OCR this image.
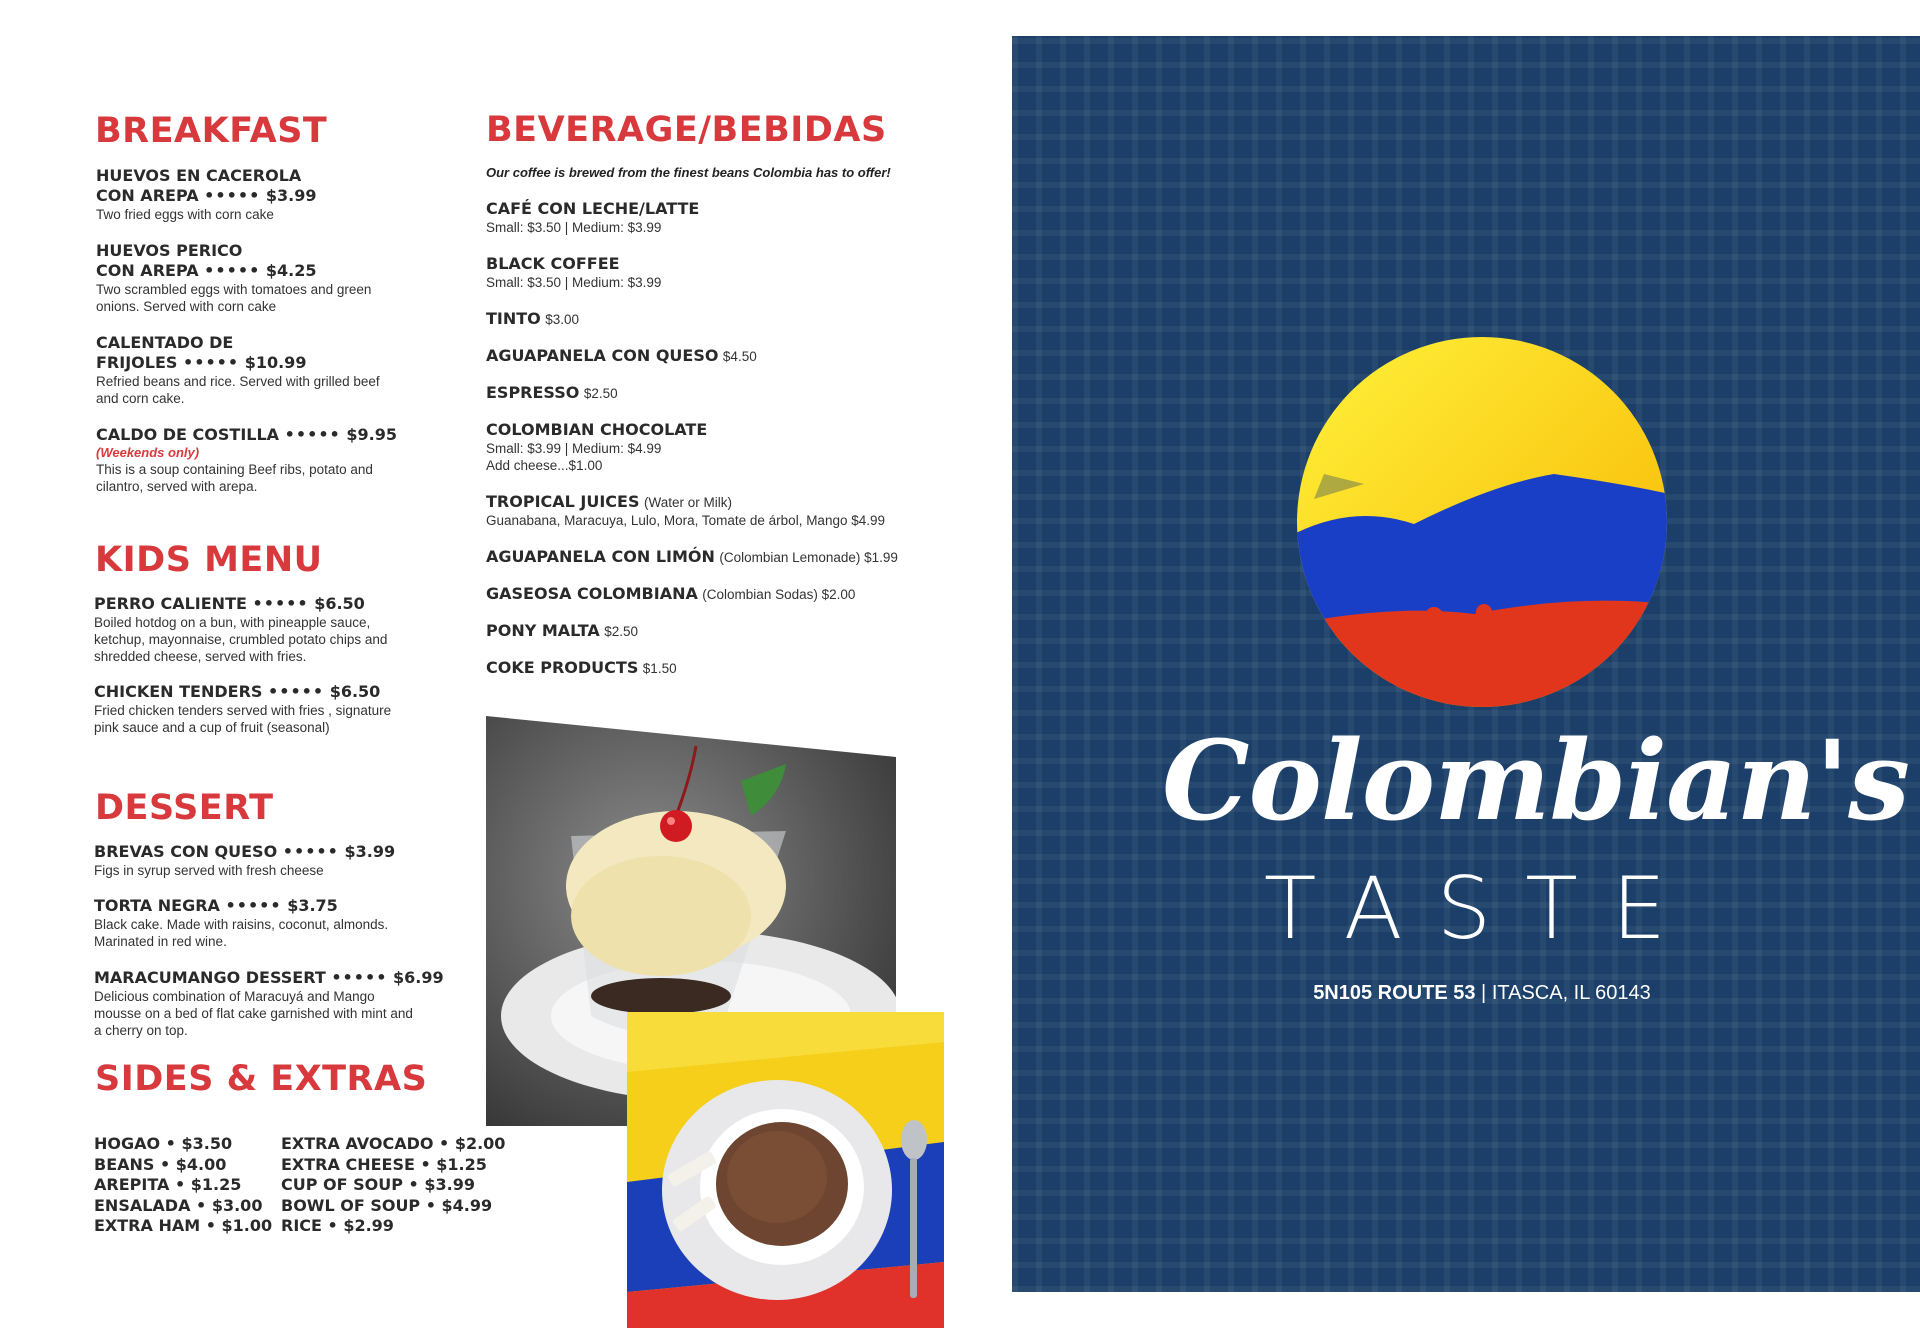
BREAKFAST
HUEVOS EN CACEROLA
CON AREPA ••••• $3.99
Two fried eggs with corn cake
HUEVOS PERICO
CON AREPA ••••• $4.25
Two scrambled eggs with tomatoes and green onions. Served with corn cake
CALENTADO DE
FRIJOLES ••••• $10.99
Refried beans and rice. Served with grilled beef and corn cake.
CALDO DE COSTILLA ••••• $9.95
(Weekends only)
This is a soup containing Beef ribs, potato and cilantro, served with arepa.
KIDS MENU
PERRO CALIENTE ••••• $6.50
Boiled hotdog on a bun, with pineapple sauce, ketchup, mayonnaise, crumbled potato chips and shredded cheese, served with fries.
CHICKEN TENDERS ••••• $6.50
Fried chicken tenders served with fries , signature pink sauce and a cup of fruit (seasonal)
DESSERT
BREVAS CON QUESO ••••• $3.99
Figs in syrup served with fresh cheese
TORTA NEGRA ••••• $3.75
Black cake. Made with raisins, coconut, almonds. Marinated in red wine.
MARACUMANGO DESSERT ••••• $6.99
Delicious combination of Maracuyá and Mango mousse on a bed of flat cake garnished with mint and a cherry on top.
SIDES & EXTRAS
HOGAO • $3.50
BEANS • $4.00
AREPITA • $1.25
ENSALADA • $3.00
EXTRA HAM • $1.00
EXTRA AVOCADO • $2.00
EXTRA CHEESE • $1.25
CUP OF SOUP • $3.99
BOWL OF SOUP • $4.99
RICE • $2.99
BEVERAGE/BEBIDAS
Our coffee is brewed from the finest beans Colombia has to offer!
CAFÉ CON LECHE/LATTE
Small: $3.50 | Medium: $3.99
BLACK COFFEE
Small: $3.50 | Medium: $3.99
TINTO $3.00
AGUAPANELA CON QUESO $4.50
ESPRESSO $2.50
COLOMBIAN CHOCOLATE
Small: $3.99 | Medium: $4.99
Add cheese...$1.00
TROPICAL JUICES (Water or Milk)
Guanabana, Maracuya, Lulo, Mora, Tomate de árbol, Mango $4.99
AGUAPANELA CON LIMÓN (Colombian Lemonade) $1.99
GASEOSA COLOMBIANA (Colombian Sodas) $2.00
PONY MALTA $2.50
COKE PRODUCTS $1.50
Colombian's
TASTE
5N105 ROUTE 53 | ITASCA, IL 60143
